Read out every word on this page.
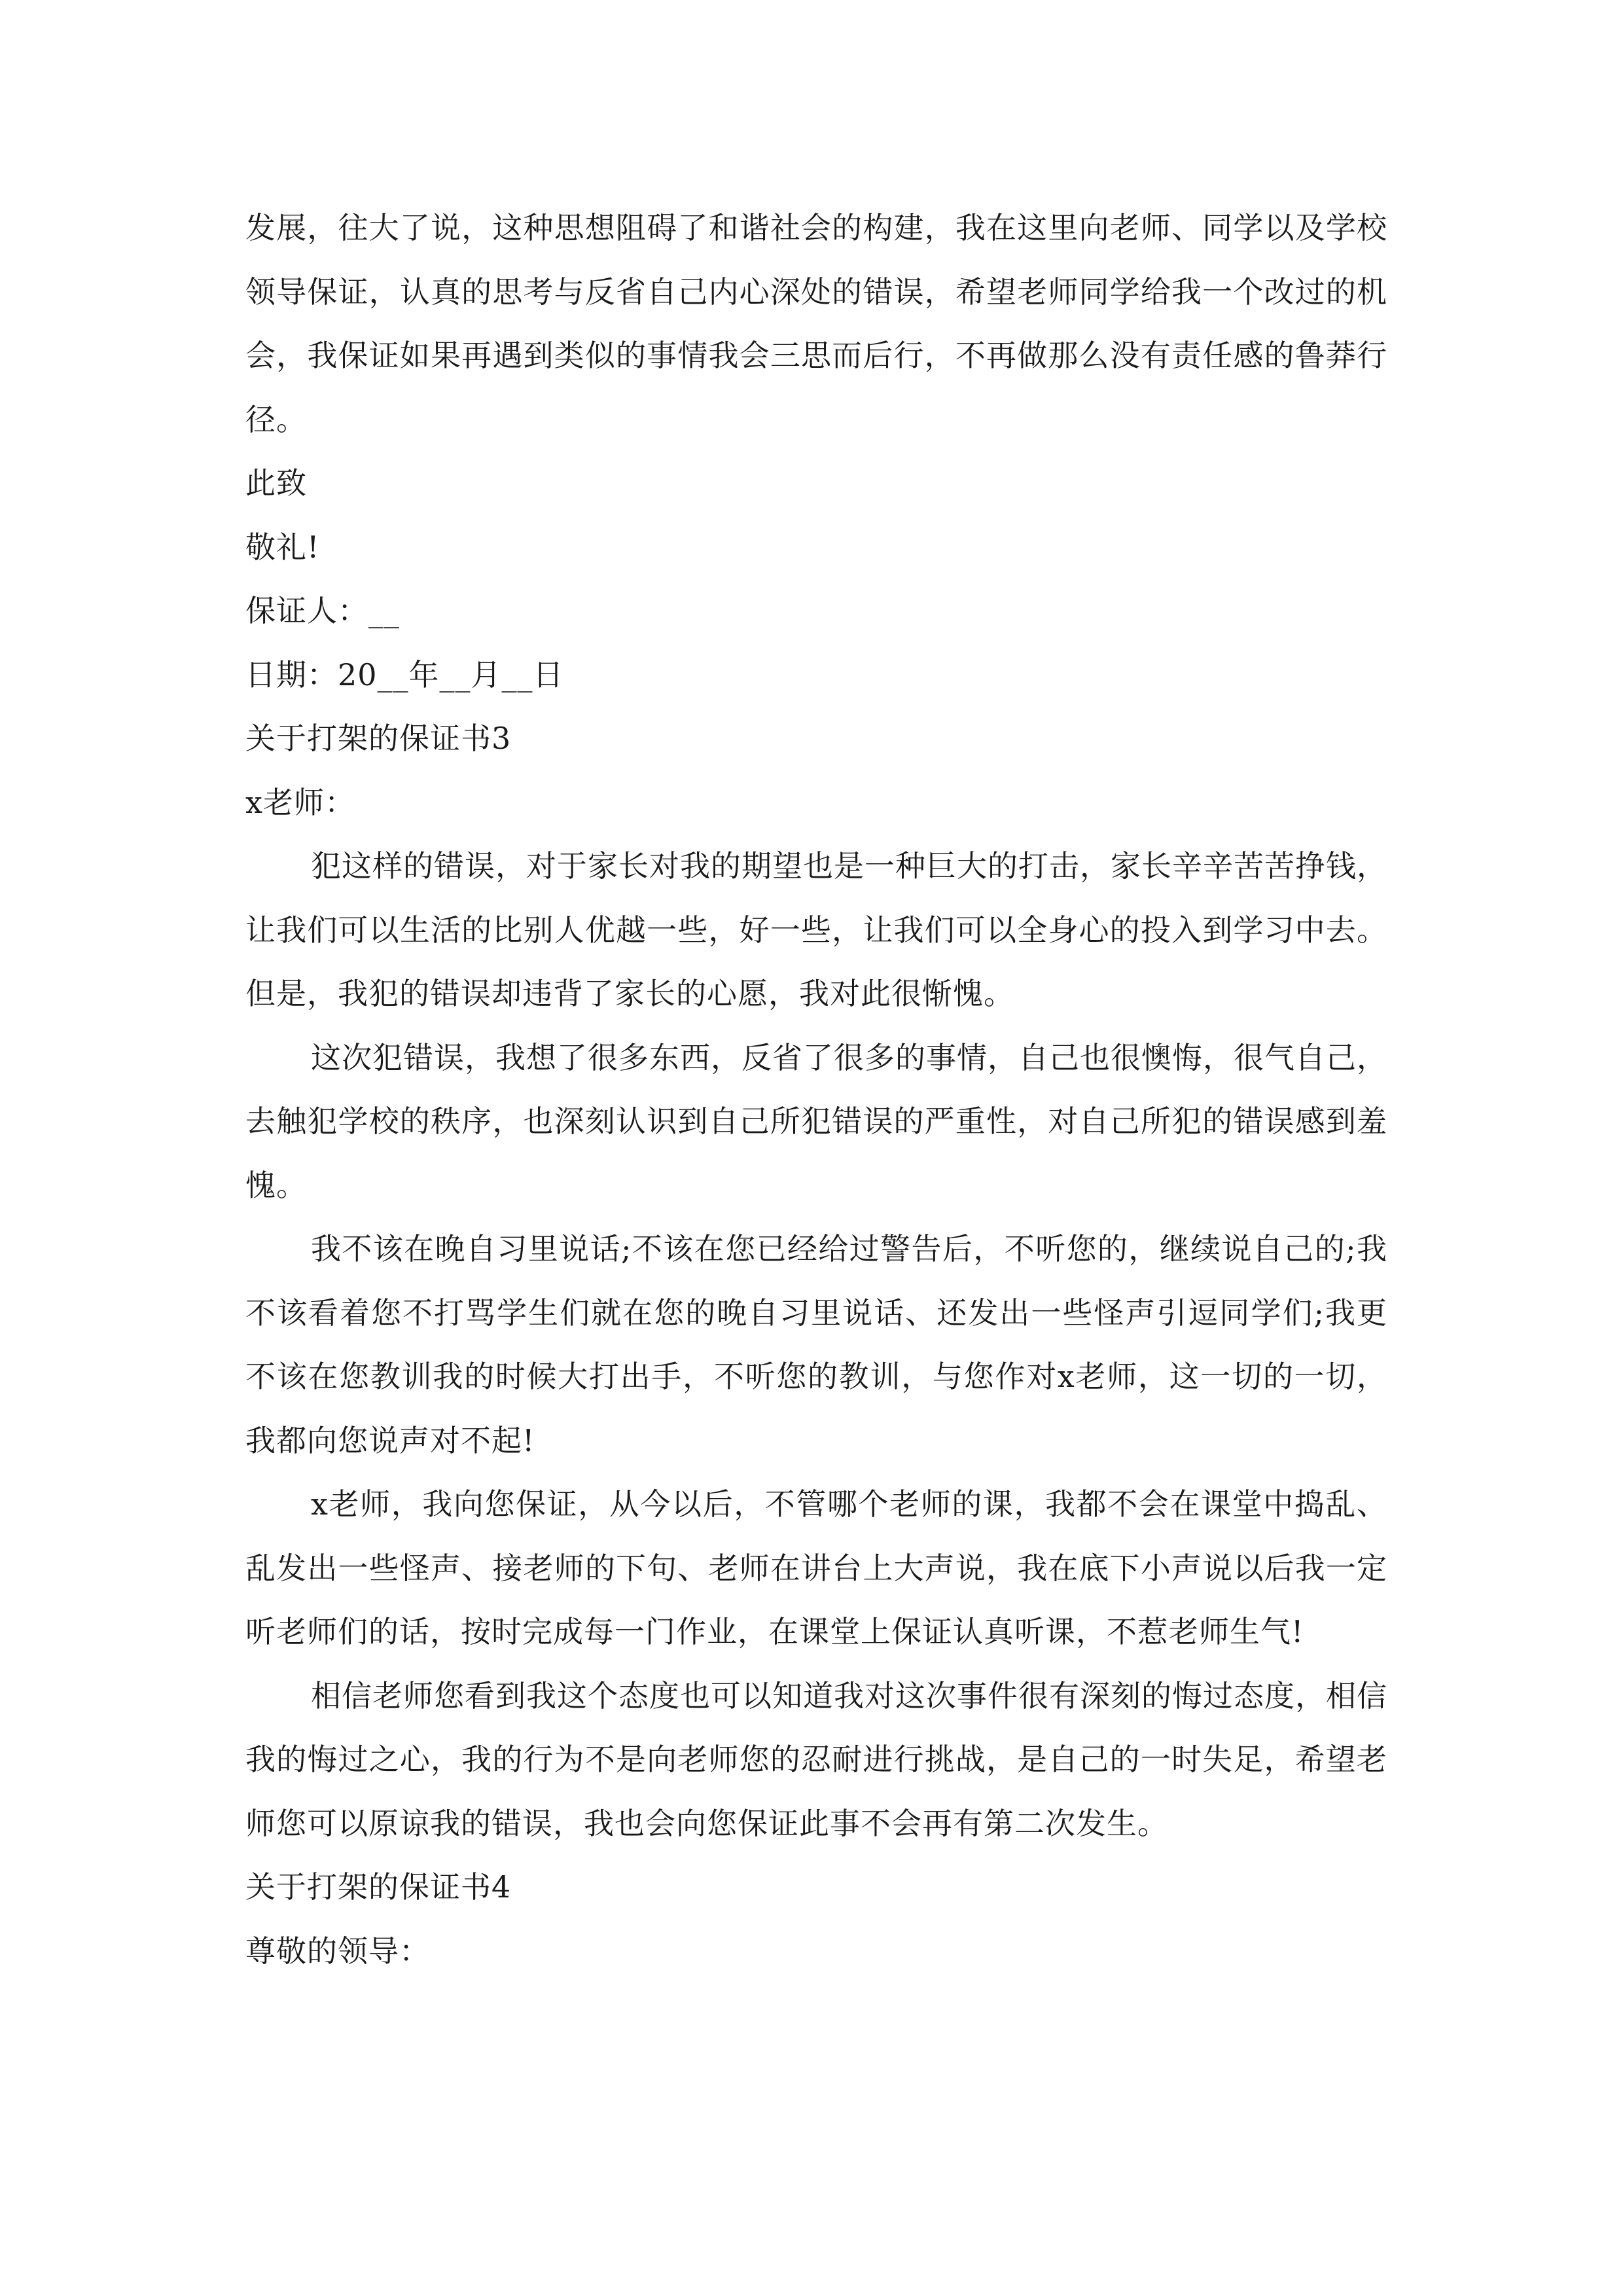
发展，往大了说，这种思想阻碍了和谐社会的构建，我在这里向老师、同学以及学校领导保证，认真的思考与反省自己内心深处的错误，希望老师同学给我一个改过的机会，我保证如果再遇到类似的事情我会三思而后行，不再做那么没有责任感的鲁莽行径。

此致

敬礼!

保证人：__

日期：20__年__月__日

关于打架的保证书3

x老师：

犯这样的错误，对于家长对我的期望也是一种巨大的打击，家长辛辛苦苦挣钱，让我们可以生活的比别人优越一些，好一些，让我们可以全身心的投入到学习中去。但是，我犯的错误却违背了家长的心愿，我对此很惭愧。

这次犯错误，我想了很多东西，反省了很多的事情，自己也很懊悔，很气自己，去触犯学校的秩序，也深刻认识到自己所犯错误的严重性，对自己所犯的错误感到羞愧。

我不该在晚自习里说话;不该在您已经给过警告后，不听您的，继续说自己的;我不该看着您不打骂学生们就在您的晚自习里说话、还发出一些怪声引逗同学们;我更不该在您教训我的时候大打出手，不听您的教训，与您作对x老师，这一切的一切，我都向您说声对不起!

x老师，我向您保证，从今以后，不管哪个老师的课，我都不会在课堂中捣乱、乱发出一些怪声、接老师的下句、老师在讲台上大声说，我在底下小声说以后我一定听老师们的话，按时完成每一门作业，在课堂上保证认真听课，不惹老师生气!

相信老师您看到我这个态度也可以知道我对这次事件很有深刻的悔过态度，相信我的悔过之心，我的行为不是向老师您的忍耐进行挑战，是自己的一时失足，希望老师您可以原谅我的错误，我也会向您保证此事不会再有第二次发生。

关于打架的保证书4

尊敬的领导：
